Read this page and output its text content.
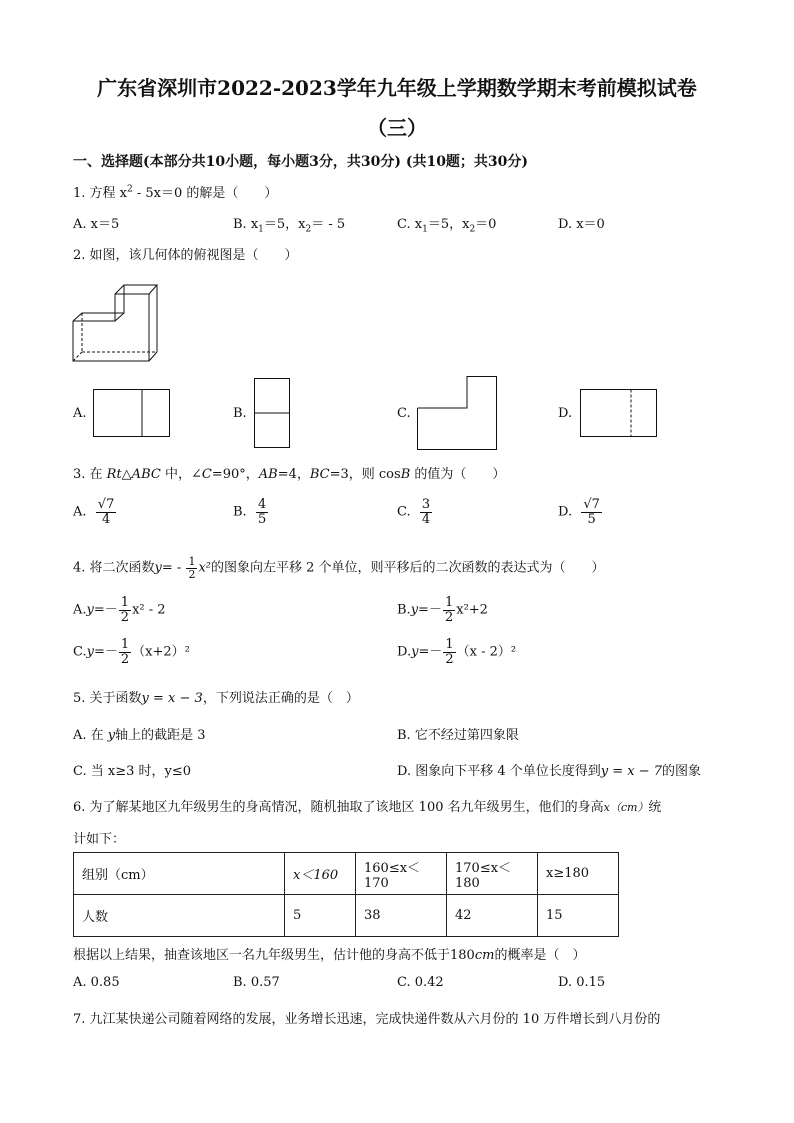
广东省深圳市2022-2023学年九年级上学期数学期末考前模拟试卷
（三）
一、选择题(本部分共10小题，每小题3分，共30分) (共10题；共30分)
1. 方程 $x^2 - 5x=0$ 的解是（　　）
A. x＝5	B. $x_1=5$，$x_2= - 5$	C. $x_1=5$，$x_2=0$	D. x＝0
2. 如图，该几何体的俯视图是（　　）
A.	B.	C.	D.
3. 在 Rt△ABC 中，∠C=90°，AB=4，BC=3，则 cosB 的值为（　　）
A. $\frac{√7}{4}$	B. $\frac{4}{5}$	C. $\frac{3}{4}$	D. $\frac{√7}{5}$
4. 将二次函数$y= - \frac{1}{2} x^2$的图象向左平移 2 个单位，则平移后的二次函数的表达式为（　　）
$A.y=- \frac{1}{2} x^2 - 2$	$B.y=- \frac{1}{2} x^2+2$
$C.y=- \frac{1}{2} (x+2)^2$	$D.y=- \frac{1}{2} (x - 2)^2$
5. 关于函数y = x − 3，下列说法正确的是（　）
A. 在 y轴上的截距是 3	B. 它不经过第四象限
C. 当 x≥3 时，y≤0	D. 图象向下平移 4 个单位长度得到y = x − 7的图象
6. 为了解某地区九年级男生的身高情况，随机抽取了该地区 100 名九年级男生，他们的身高x（cm）统
计如下：
组别（cm）	x＜160	160≤x＜170	170≤x＜180	x≥180
人数	5	38	42	15
根据以上结果，抽查该地区一名九年级男生，估计他的身高不低于180cm的概率是（　）
A. 0.85	B. 0.57	C. 0.42	D. 0.15
7. 九江某快递公司随着网络的发展，业务增长迅速，完成快递件数从六月份的 10 万件增长到八月份的
